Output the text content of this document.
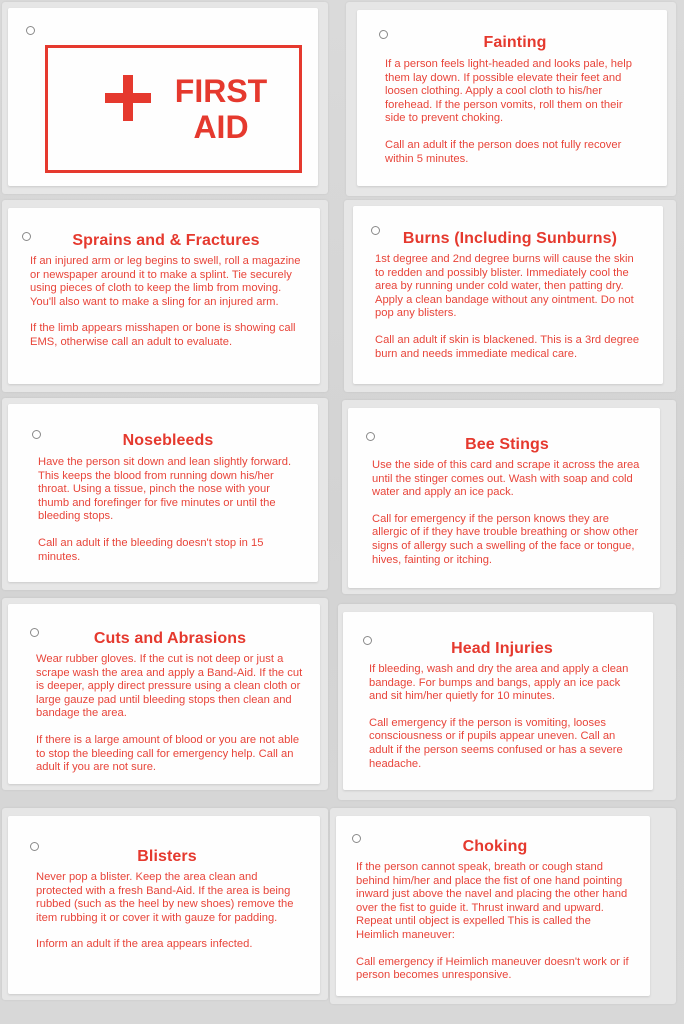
FIRST
AID
Fainting

If a person feels light-headed and looks pale, help them lay down. If possible elevate their feet and loosen clothing. Apply a cool cloth to his/her forehead. If the person vomits, roll them on their side to prevent choking.

Call an adult if the person does not fully recover within 5 minutes.

Sprains and & Fractures

If an injured arm or leg begins to swell, roll a magazine or newspaper around it to make a splint. Tie securely using pieces of cloth to keep the limb from moving. You'll also want to make a sling for an injured arm.

If the limb appears misshapen or bone is showing call EMS, otherwise call an adult to evaluate.

Burns (Including Sunburns)

1st degree and 2nd degree burns will cause the skin to redden and possibly blister. Immediately cool the area by running under cold water, then patting dry. Apply a clean bandage without any ointment. Do not pop any blisters.

Call an adult if skin is blackened. This is a 3rd degree burn and needs immediate medical care.

Nosebleeds

Have the person sit down and lean slightly forward. This keeps the blood from running down his/her throat. Using a tissue, pinch the nose with your thumb and forefinger for five minutes or until the bleeding stops.

Call an adult if the bleeding doesn't stop in 15 minutes.

Bee Stings

Use the side of this card and scrape it across the area until the stinger comes out. Wash with soap and cold water and apply an ice pack.

Call for emergency if the person knows they are allergic of if they have trouble breathing or show other signs of allergy such a swelling of the face or tongue, hives, fainting or itching.

Cuts and Abrasions

Wear rubber gloves. If the cut is not deep or just a scrape wash the area and apply a Band-Aid. If the cut is deeper, apply direct pressure using a clean cloth or large gauze pad until bleeding stops then clean and bandage the area.

If there is a large amount of blood or you are not able to stop the bleeding call for emergency help. Call an adult if you are not sure.

Head Injuries

If bleeding, wash and dry the area and apply a clean bandage. For bumps and bangs, apply an ice pack and sit him/her quietly for 10 minutes.

Call emergency if the person is vomiting, looses consciousness or if pupils appear uneven. Call an adult if the person seems confused or has a severe headache.

Blisters

Never pop a blister. Keep the area clean and protected with a fresh Band-Aid. If the area is being rubbed (such as the heel by new shoes) remove the item rubbing it or cover it with gauze for padding.

Inform an adult if the area appears infected.

Choking

If the person cannot speak, breath or cough stand behind him/her and place the fist of one hand pointing inward just above the navel and placing the other hand over the fist to guide it. Thrust inward and upward. Repeat until object is expelled This is called the Heimlich maneuver:

Call emergency if Heimlich maneuver doesn't work or if person becomes unresponsive.
